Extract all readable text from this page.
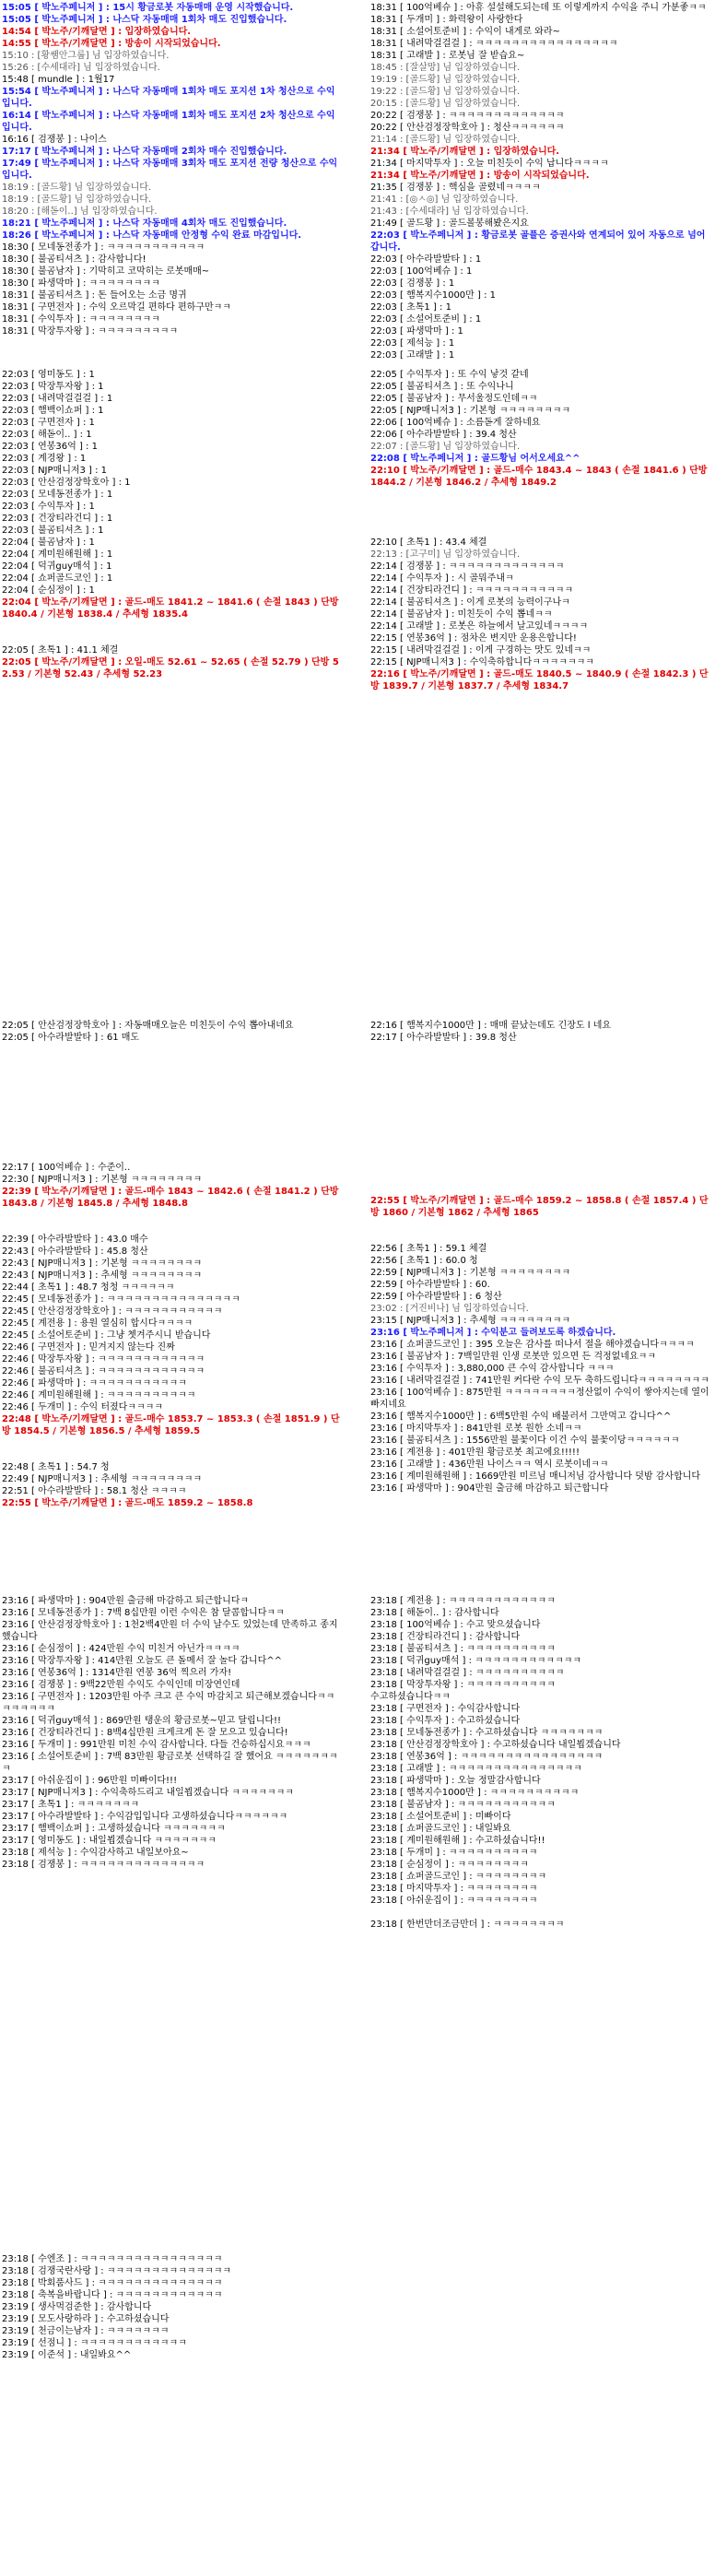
15:05 [ 박노주페니저 ] : 15시 황금로봇 자동매매 운영 시작했습니다.
15:05 [ 박노주페니저 ] : 나스닥 자동매매 1회차 매도 진입했습니다.
14:54 [ 박노주/기깨달면 ] : 입장하였습니다.
14:55 [ 박노주/기깨달면 ] : 방송이 시작되었습니다.
15:10 : [황쌤안그룹] 님 입장하였습니다.
15:26 : [수세대라] 님 입장하였습니다.
15:48 [ mundle ] : 1월17
15:54 [ 박노주페니저 ] : 나스닥 자동매매 1회차 매도 포지션 1차 청산으로 수익입니다.
16:14 [ 박노주페니저 ] : 나스닥 자동매매 1회차 매도 포지션 2차 청산으로 수익입니다.
16:16 [ 검쟁봉 ] : 나이스
17:17 [ 박노주페니저 ] : 나스닥 자동매매 2회차 매수 진입했습니다.
17:49 [ 박노주페니저 ] : 나스닥 자동매매 3회차 매도 포지션 전량 청산으로 수익입니다.
18:19 : [골드황] 님 입장하였습니다.
18:19 : [골드황] 님 입장하였습니다.
18:20 : [해돋이..] 님 입장하였습니다.
18:21 [ 박노주페니저 ] : 나스닥 자동매매 4회차 매도 진입했습니다.
18:26 [ 박노주페니저 ] : 나스닥 자동매매 안정형 수익 완료 마감입니다.
18:30 [ 모네동전종가 ] : ㅋㅋㅋㅋㅋㅋㅋㅋㅋㅋㅋ
18:30 [ 불곰티셔츠 ] : 감사합니다!
18:30 [ 불곰남자 ] : 기막히고 코막히는 로봇매매~
18:30 [ 파생막마 ] : ㅋㅋㅋㅋㅋㅋㅋㅋ
18:31 [ 불곰티셔츠 ] : 돈 들어오는 소금 명귀
18:31 [ 구면전자 ] : 수익 오르막길 편하다 편하구만ㅋㅋ
18:31 [ 수익투자 ] : ㅋㅋㅋㅋㅋㅋㅋㅋ
18:31 [ 막장투자왕 ] : ㅋㅋㅋㅋㅋㅋㅋㅋㅋ
18:31 [ 100억베슈 ] : 아휴 설설해도되는데 또 이렇게까지 수익을 주니 가분좋ㅋㅋ
18:31 [ 두개미 ] : 화력왕이 사랑한다
18:31 [ 소설어토준비 ] : 수익이 내게로 와라~
18:31 [ 내려막걸걸걸 ] : ㅋㅋㅋㅋㅋㅋㅋㅋㅋㅋㅋㅋㅋㅋㅋㅋ
18:31 [ 고래발 ] : 로봇님 잘 받습요~
18:45 : [잘살망] 님 입장하였습니다.
19:19 : [골드황] 님 입장하였습니다.
19:22 : [골드황] 님 입장하였습니다.
20:15 : [골드황] 님 입장하였습니다.
20:22 [ 검쟁봉 ] : ㅋㅋㅋㅋㅋㅋㅋㅋㅋㅋㅋㅋㅋ
20:22 [ 안산검정장학호아 ] : 청산ㅋㅋㅋㅋㅋㅋ
21:14 : [골드황] 님 입장하였습니다.
21:34 [ 박노주/기깨달면 ] : 입장하였습니다.
21:34 [ 마지막투자 ] : 오늘 미친듯이 수익 납니다ㅋㅋㅋㅋ
21:34 [ 박노주/기깨달면 ] : 방송이 시작되었습니다.
21:35 [ 검쟁봉 ] : 핵심을 골렸네ㅋㅋㅋㅋ
21:41 : [◎ㅅ◎] 님 입장하였습니다.
21:43 : [수세대라] 님 입장하였습니다.
21:49 [ 골드황 ] : 골드볼봉해봤은지요
22:03 [ 박노주페니저 ] : 황금로봇 골플은 증권사와 연계되어 있어 자동으로 넘어갑니다.
22:03 [ 아수라발발타 ] : 1
22:03 [ 100억베슈 ] : 1
22:03 [ 검쟁봉 ] : 1
22:03 [ 햄복지수1000만 ] : 1
22:03 [ 초톡1 ] : 1
22:03 [ 소설어토준비 ] : 1
22:03 [ 파생막마 ] : 1
22:03 [ 제석능 ] : 1
22:03 [ 고래발 ] : 1
22:03 [ 영미동도 ] : 1
22:03 [ 막장투자왕 ] : 1
22:03 [ 내려막걸걸걸 ] : 1
22:03 [ 햄백이쇼퍼 ] : 1
22:03 [ 구면전자 ] : 1
22:03 [ 해돋이.. ] : 1
22:03 [ 연봉36억 ] : 1
22:03 [ 계경왕 ] : 1
22:03 [ NJP매니저3 ] : 1
22:03 [ 안산검정장학호아 ] : 1
22:03 [ 모네동전종가 ] : 1
22:03 [ 수익투자 ] : 1
22:03 [ 건장티라건디 ] : 1
22:03 [ 불곰티셔츠 ] : 1
22:04 [ 불곰남자 ] : 1
22:04 [ 계미원해원해 ] : 1
22:04 [ 덕귀guy매석 ] : 1
22:04 [ 쇼퍼골드코인 ] : 1
22:04 [ 순심정이 ] : 1
22:04 [ 박노주/기깨달면 ] : 골드-매도 1841.2 ~ 1841.6 ( 손절 1843 ) 단방 1840.4 / 기본형 1838.4 / 추세형 1835.4

22:05 [ 초톡1 ] : 41.1 체결
22:05 [ 박노주/기깨달면 ] : 오일-매도 52.61 ~ 52.65 ( 손절 52.79 ) 단방 52.53 / 기본형 52.43 / 추세형 52.23
22:05 [ 수익투자 ] : 또 수익 낳것 같네
22:05 [ 불곰티셔츠 ] : 또 수익나니
22:05 [ 불곰남자 ] : 무서울정도인데ㅋㅋ
22:05 [ NJP매니저3 ] : 기본형 ㅋㅋㅋㅋㅋㅋㅋㅋ
22:06 [ 100억베슈 ] : 소름돋게 잘하네요
22:06 [ 아수라발발타 ] : 39.4 청산
22:07 : [골드황] 님 입장하였습니다.
22:08 [ 박노주페니저 ] : 골드황님 어서오세요^^
22:10 [ 박노주/기깨달면 ] : 골드-매수 1843.4 ~ 1843 ( 손절 1841.6 ) 단방 1844.2 / 기본형 1846.2 / 추세형 1849.2

22:10 [ 초톡1 ] : 43.4 체결
22:13 : [고구미] 님 입장하였습니다.
22:14 [ 검쟁봉 ] : ㅋㅋㅋㅋㅋㅋㅋㅋㅋㅋㅋㅋㅋ
22:14 [ 수익투자 ] : 시 골뭐주내ㅋ
22:14 [ 건장티라건디 ] : ㅋㅋㅋㅋㅋㅋㅋㅋㅋㅋㅋ
22:14 [ 불곰티셔츠 ] : 이게 로봇의 능력이구나ㅋ
22:14 [ 불곰남자 ] : 미친듯이 수익 뽑네ㅋㅋ
22:14 [ 고래발 ] : 로봇은 하늘에서 날고있네ㅋㅋㅋㅋ
22:15 [ 연봉36억 ] : 점차은 변지만 운용은합니다!
22:15 [ 내려막걸걸걸 ] : 이게 구경하는 맛도 있네ㅋㅋ
22:15 [ NJP매니저3 ] : 수익축하합니다ㅋㅋㅋㅋㅋㅋㅋ
22:16 [ 박노주/기깨달면 ] : 골드-매도 1840.5 ~ 1840.9 ( 손절 1842.3 ) 단방 1839.7 / 기본형 1837.7 / 추세형 1834.7
22:05 [ 안산검정장학호아 ] : 자동매매오늘은 미친듯이 수익 뽑아내네요
22:05 [ 아수라발발타 ] : 61 매도
22:16 [ 햄복지수1000만 ] : 매매 끝났는데도 긴장도 l 네요
22:17 [ 아수라발발타 ] : 39.8 청산
22:17 [ 100억베슈 ] : 수준이..
22:30 [ NJP매니저3 ] : 기본형 ㅋㅋㅋㅋㅋㅋㅋㅋ
22:39 [ 박노주/기깨달면 ] : 골드-매수 1843 ~ 1842.6 ( 손절 1841.2 ) 단방 1843.8 / 기본형 1845.8 / 추세형 1848.8

22:39 [ 아수라발발타 ] : 43.0 매수
22:43 [ 아수라발발타 ] : 45.8 청산
22:43 [ NJP매니저3 ] : 기본형 ㅋㅋㅋㅋㅋㅋㅋㅋ
22:43 [ NJP매니저3 ] : 추세형 ㅋㅋㅋㅋㅋㅋㅋㅋ
22:44 [ 초톡1 ] : 48.7 청청 ㅋㅋㅋㅋㅋㅋ
22:45 [ 모네동전종가 ] : ㅋㅋㅋㅋㅋㅋㅋㅋㅋㅋㅋㅋㅋㅋㅋ
22:45 [ 안산검정장학호아 ] : ㅋㅋㅋㅋㅋㅋㅋㅋㅋㅋㅋ
22:45 [ 계전용 ] : 용원 열심히 합시다ㅋㅋㅋㅋ
22:45 [ 소설어토준비 ] : 그냥 쳇겨주시니 받습니다
22:46 [ 구면전자 ] : 믿겨지지 않는다 진짜
22:46 [ 막장투자왕 ] : ㅋㅋㅋㅋㅋㅋㅋㅋㅋㅋㅋㅋ
22:46 [ 불곰티셔츠 ] : ㅋㅋㅋㅋㅋㅋㅋㅋㅋㅋㅋㅋ
22:46 [ 파생막마 ] : ㅋㅋㅋㅋㅋㅋㅋㅋㅋㅋㅋ
22:46 [ 계미원해원해 ] : ㅋㅋㅋㅋㅋㅋㅋㅋㅋㅋ
22:46 [ 두개미 ] : 수익 터졌다ㅋㅋㅋㅋ
22:48 [ 박노주/기깨달면 ] : 골드-매수 1853.7 ~ 1853.3 ( 손절 1851.9 ) 단방 1854.5 / 기본형 1856.5 / 추세형 1859.5

22:48 [ 초톡1 ] : 54.7 청
22:49 [ NJP매니저3 ] : 추세형 ㅋㅋㅋㅋㅋㅋㅋㅋ
22:51 [ 아수라발발타 ] : 58.1 청산 ㅋㅋㅋㅋ
22:55 [ 박노주/기깨달면 ] : 골드-매도 1859.2 ~ 1858.8
22:55 [ 박노주/기깨달면 ] : 골드-매수 1859.2 ~ 1858.8 ( 손절 1857.4 ) 단방 1860 / 기본형 1862 / 추세형 1865

22:56 [ 초톡1 ] : 59.1 체결
22:56 [ 초톡1 ] : 60.0 청
22:59 [ NJP매니저3 ] : 기본형 ㅋㅋㅋㅋㅋㅋㅋㅋ
22:59 [ 아수라발발타 ] : 60.
22:59 [ 아수라발발타 ] : 6 청산
23:02 : [거진비나] 님 입장하였습니다.
23:15 [ NJP매니저3 ] : 추세형 ㅋㅋㅋㅋㅋㅋㅋㅋ
23:16 [ 박노주페니저 ] : 수익분고 들려보도록 하겠습니다.
23:16 [ 쇼퍼골드코인 ] : 395 오늘은 감사를 떠나서 절을 해야겠습니다ㅋㅋㅋㅋ
23:16 [ 불곰남자 ] : 7백일만원 인생 로봇만 있으면 든 걱정없네요ㅋㅋ
23:16 [ 수익투자 ] : 3,880,000 큰 수익 감사합니다 ㅋㅋㅋ
23:16 [ 내려막걸걸걸 ] : 741만원 커다란 수익 모두 축하드립니다ㅋㅋㅋㅋㅋㅋㅋㅋ
23:16 [ 100억베슈 ] : 875만원 ㅋㅋㅋㅋㅋㅋㅋㅋ정산없이 수익이 쌓아지는데 열이 빠지네요
23:16 [ 햄복지수1000만 ] : 6백5만원 수익 배불러서 그만먹고 갑니다^^
23:16 [ 마지막투자 ] : 841만원 로봇 원한 소네ㅋㅋ
23:16 [ 불곰티셔츠 ] : 1556만원 불꽃이다 이건 수익 불꽃이당ㅋㅋㅋㅋㅋㅋ
23:16 [ 계전용 ] : 401만원 황금로봇 최고에요!!!!!
23:16 [ 고래발 ] : 436만원 나이스ㅋㅋ 역시 로봇이네ㅋㅋ
23:16 [ 계미원해원해 ] : 1669만원 미르님 매니저님 감사합니다 덧밤 감사합니다
23:16 [ 파생막마 ] : 904만원 출금해 마감하고 퇴근합니다
23:16 [ 파생막마 ] : 904만원 출금해 마감하고 퇴근합니다ㅋ
23:16 [ 모네동전종가 ] : 7백 8십만원 이런 수익은 참 달콤합니다ㅋㅋ
23:16 [ 안산검정장학호아 ] : 1천2백4만원 더 수익 날수도 있었는데 만족하고 종지했습니다
23:16 [ 순심정이 ] : 424만원 수익 미친거 아닌가ㅋㅋㅋㅋ
23:16 [ 막장투자왕 ] : 414만원 오늘도 큰 돌메서 잘 놀다 갑니다^^
23:16 [ 연봉36억 ] : 1314만원 연봉 36억 찍으러 가자!
23:16 [ 검쟁봉 ] : 9백22만원 수익도 수익인데 미장연인데
23:16 [ 구면전자 ] : 1203만원 아주 크고 큰 수익 마감치고 퇴근해보겠습니다ㅋㅋㅋㅋㅋㅋㅋㅋ
23:16 [ 덕귀guy매석 ] : 869만원 탱운의 황금로봇~믿고 달립니다!!
23:16 [ 건장티라건디 ] : 8백4십만원 크게크게 돈 잘 모으고 있습니다!
23:16 [ 두개미 ] : 991만원 미친 수익 감사합니다. 다들 건승하십시요ㅋㅋㅋ
23:16 [ 소설어토준비 ] : 7백 83만원 황금로봇 선택하길 잘 했어요 ㅋㅋㅋㅋㅋㅋㅋㅋ
23:17 [ 아쉬운집이 ] : 96만원 미빠이다!!!
23:17 [ NJP매니저3 ] : 수익축하드리고 내일뵙겠습니다 ㅋㅋㅋㅋㅋㅋㅋ
23:17 [ 초톡1 ] : ㅋㅋㅋㅋㅋㅋㅋ
23:17 [ 아수라발발타 ] : 수익감입입니다 고생하셨습니다ㅋㅋㅋㅋㅋㅋ
23:17 [ 햄백이쇼퍼 ] : 고생하셨습니다 ㅋㅋㅋㅋㅋㅋㅋ
23:17 [ 영미동도 ] : 내일뵙겠습니다 ㅋㅋㅋㅋㅋㅋㅋ
23:18 [ 제석능 ] : 수익감사하고 내일보아요~
23:18 [ 검쟁봉 ] : ㅋㅋㅋㅋㅋㅋㅋㅋㅋㅋㅋㅋㅋㅋ
23:18 [ 계전용 ] : ㅋㅋㅋㅋㅋㅋㅋㅋㅋㅋㅋㅋ
23:18 [ 해돋이.. ] : 감사합니다
23:18 [ 100억베슈 ] : 수고 맞으셨습니다
23:18 [ 건장티라건디 ] : 감사합니다
23:18 [ 불곰티셔츠 ] : ㅋㅋㅋㅋㅋㅋㅋㅋㅋㅋ
23:18 [ 덕귀guy매석 ] : ㅋㅋㅋㅋㅋㅋㅋㅋㅋㅋㅋㅋ
23:18 [ 내려막걸걸걸 ] : ㅋㅋㅋㅋㅋㅋㅋㅋㅋㅋ
23:18 [ 막장투자왕 ] : ㅋㅋㅋㅋㅋㅋㅋㅋㅋㅋ
수고하셨습니다ㅋㅋ
23:18 [ 구면전자 ] : 수익감사합니다
23:18 [ 수익투자 ] : 수고하셨습니다
23:18 [ 모네동전종가 ] : 수고하셨습니다 ㅋㅋㅋㅋㅋㅋㅋ
23:18 [ 안산검정장학호아 ] : 수고하셨습니다 내일뵙겠습니다
23:18 [ 연봉36억 ] : ㅋㅋㅋㅋㅋㅋㅋㅋㅋㅋㅋㅋㅋㅋㅋㅋ
23:18 [ 고래발 ] : ㅋㅋㅋㅋㅋㅋㅋㅋㅋㅋㅋㅋㅋㅋㅋ
23:18 [ 파생막마 ] : 오늘 정말감사합니다
23:18 [ 햄복지수1000만 ] : ㅋㅋㅋㅋㅋㅋㅋㅋㅋㅋ
23:18 [ 불곰남자 ] : ㅋㅋㅋㅋㅋㅋㅋㅋㅋㅋㅋ
23:18 [ 소설어토준비 ] : 미빠이다
23:18 [ 쇼퍼골드코인 ] : 내일봐요
23:18 [ 계미원해원해 ] : 수고하셨습니다!!
23:18 [ 두개미 ] : ㅋㅋㅋㅋㅋㅋㅋㅋㅋㅋ
23:18 [ 순심정이 ] : ㅋㅋㅋㅋㅋㅋㅋㅋ
23:18 [ 쇼퍼골드코인 ] : ㅋㅋㅋㅋㅋㅋㅋㅋ
23:18 [ 마지막투자 ] : ㅋㅋㅋㅋㅋㅋㅋㅋ
23:18 [ 아쉬운집이 ] : ㅋㅋㅋㅋㅋㅋㅋㅋ

23:18 [ 한번만더조금만더 ] : ㅋㅋㅋㅋㅋㅋㅋㅋ
23:18 [ 수엔조 ] : ㅋㅋㅋㅋㅋㅋㅋㅋㅋㅋㅋㅋㅋㅋㅋㅋ
23:18 [ 검쟁국란사랑 ] : ㅋㅋㅋㅋㅋㅋㅋㅋㅋㅋㅋㅋㅋㅋ
23:18 [ 박회품사드 ] : ㅋㅋㅋㅋㅋㅋㅋㅋㅋㅋㅋㅋㅋㅋ
23:18 [ 축복을바랍니다 ] : ㅋㅋㅋㅋㅋㅋㅋㅋㅋㅋㅋㅋ
23:19 [ 생사먹검준한 ] : 감사합니다
23:19 [ 모도사랑하라 ] : 수고하셨습니다
23:19 [ 천금이는남자 ] : ㅋㅋㅋㅋㅋㅋㅋ
23:19 [ 선점니 ] : ㅋㅋㅋㅋㅋㅋㅋㅋㅋㅋㅋㅋ
23:19 [ 이준석 ] : 내일봐요^^
